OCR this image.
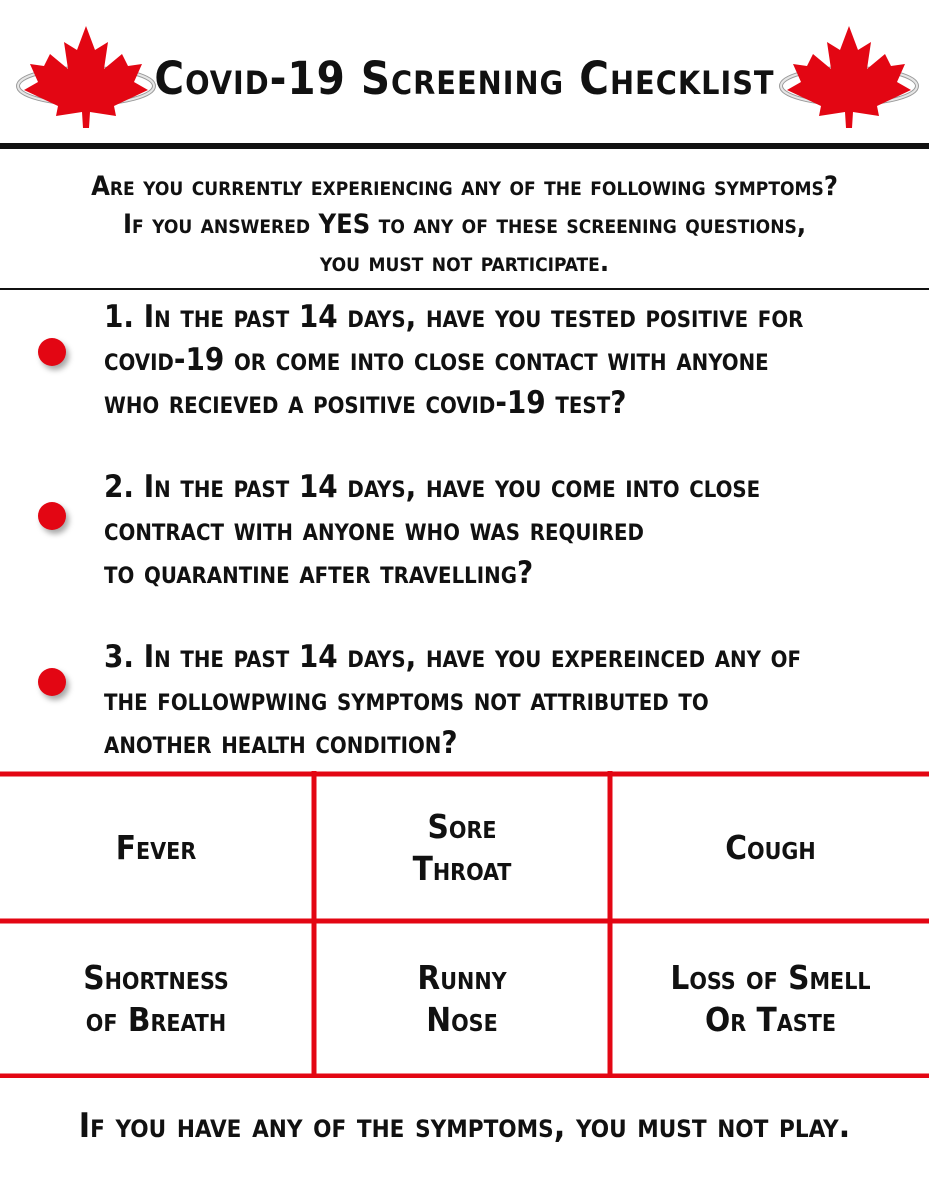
Covid-19 Screening Checklist
Are you currently experiencing any of the following symptoms?
If you answered YES to any of these screening questions,
you must not participate.
1. In the past 14 days, have you tested positive for
covid-19 or come into close contact with anyone
who recieved a positive covid-19 test?
2. In the past 14 days, have you come into close
contract with anyone who was required
to quarantine after travelling?
3. In the past 14 days, have you expereinced any of
the followpwing symptoms not attributed to
another health condition?
Fever
Sore
Throat
Cough
Shortness
of Breath
Runny
Nose
Loss of Smell
Or Taste
If you have any of the symptoms, you must not play.
